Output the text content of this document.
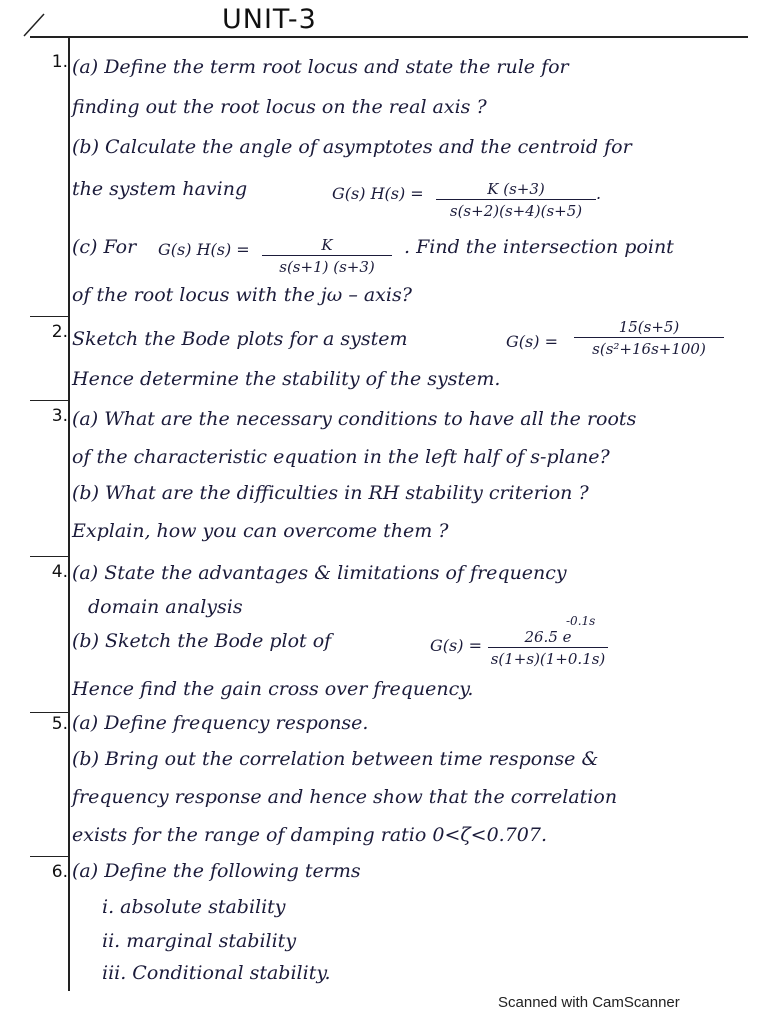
UNIT-3
1. (a) Define the term root locus and state the rule for
finding out the root locus on the real axis ?
(b) Calculate the angle of asymptotes and the centroid for
the system having	G(s) H(s) =	K (s+3)
s(s+2)(s+4)(s+5)
.
(c) For G(s) H(s) =	K
s(s+1) (s+3)
. Find the intersection point
of the root locus with the jω – axis?
2. Sketch the Bode plots for a system	G(s) =
15(s+5)
s(s²+16s+100)
Hence determine the stability of the system.
3. (a) What are the necessary conditions to have all the roots
of the characteristic equation in the left half of s-plane?
(b) What are the difficulties in RH stability criterion ?
Explain, how you can overcome them ?
4. (a) State the advantages & limitations of frequency
domain analysis
(b) Sketch the Bode plot of	G(s) =	26.5 e
s(1+s)(1+0.1s)
-0.1s
Hence find the gain cross over frequency.
5. (a) Define frequency response.
(b) Bring out the correlation between time response &
frequency response and hence show that the correlation
exists for the range of damping ratio 0<ζ<0.707.
6. (a) Define the following terms
i. absolute stability
ii. marginal stability
iii. Conditional stability.
Scanned with CamScanner
